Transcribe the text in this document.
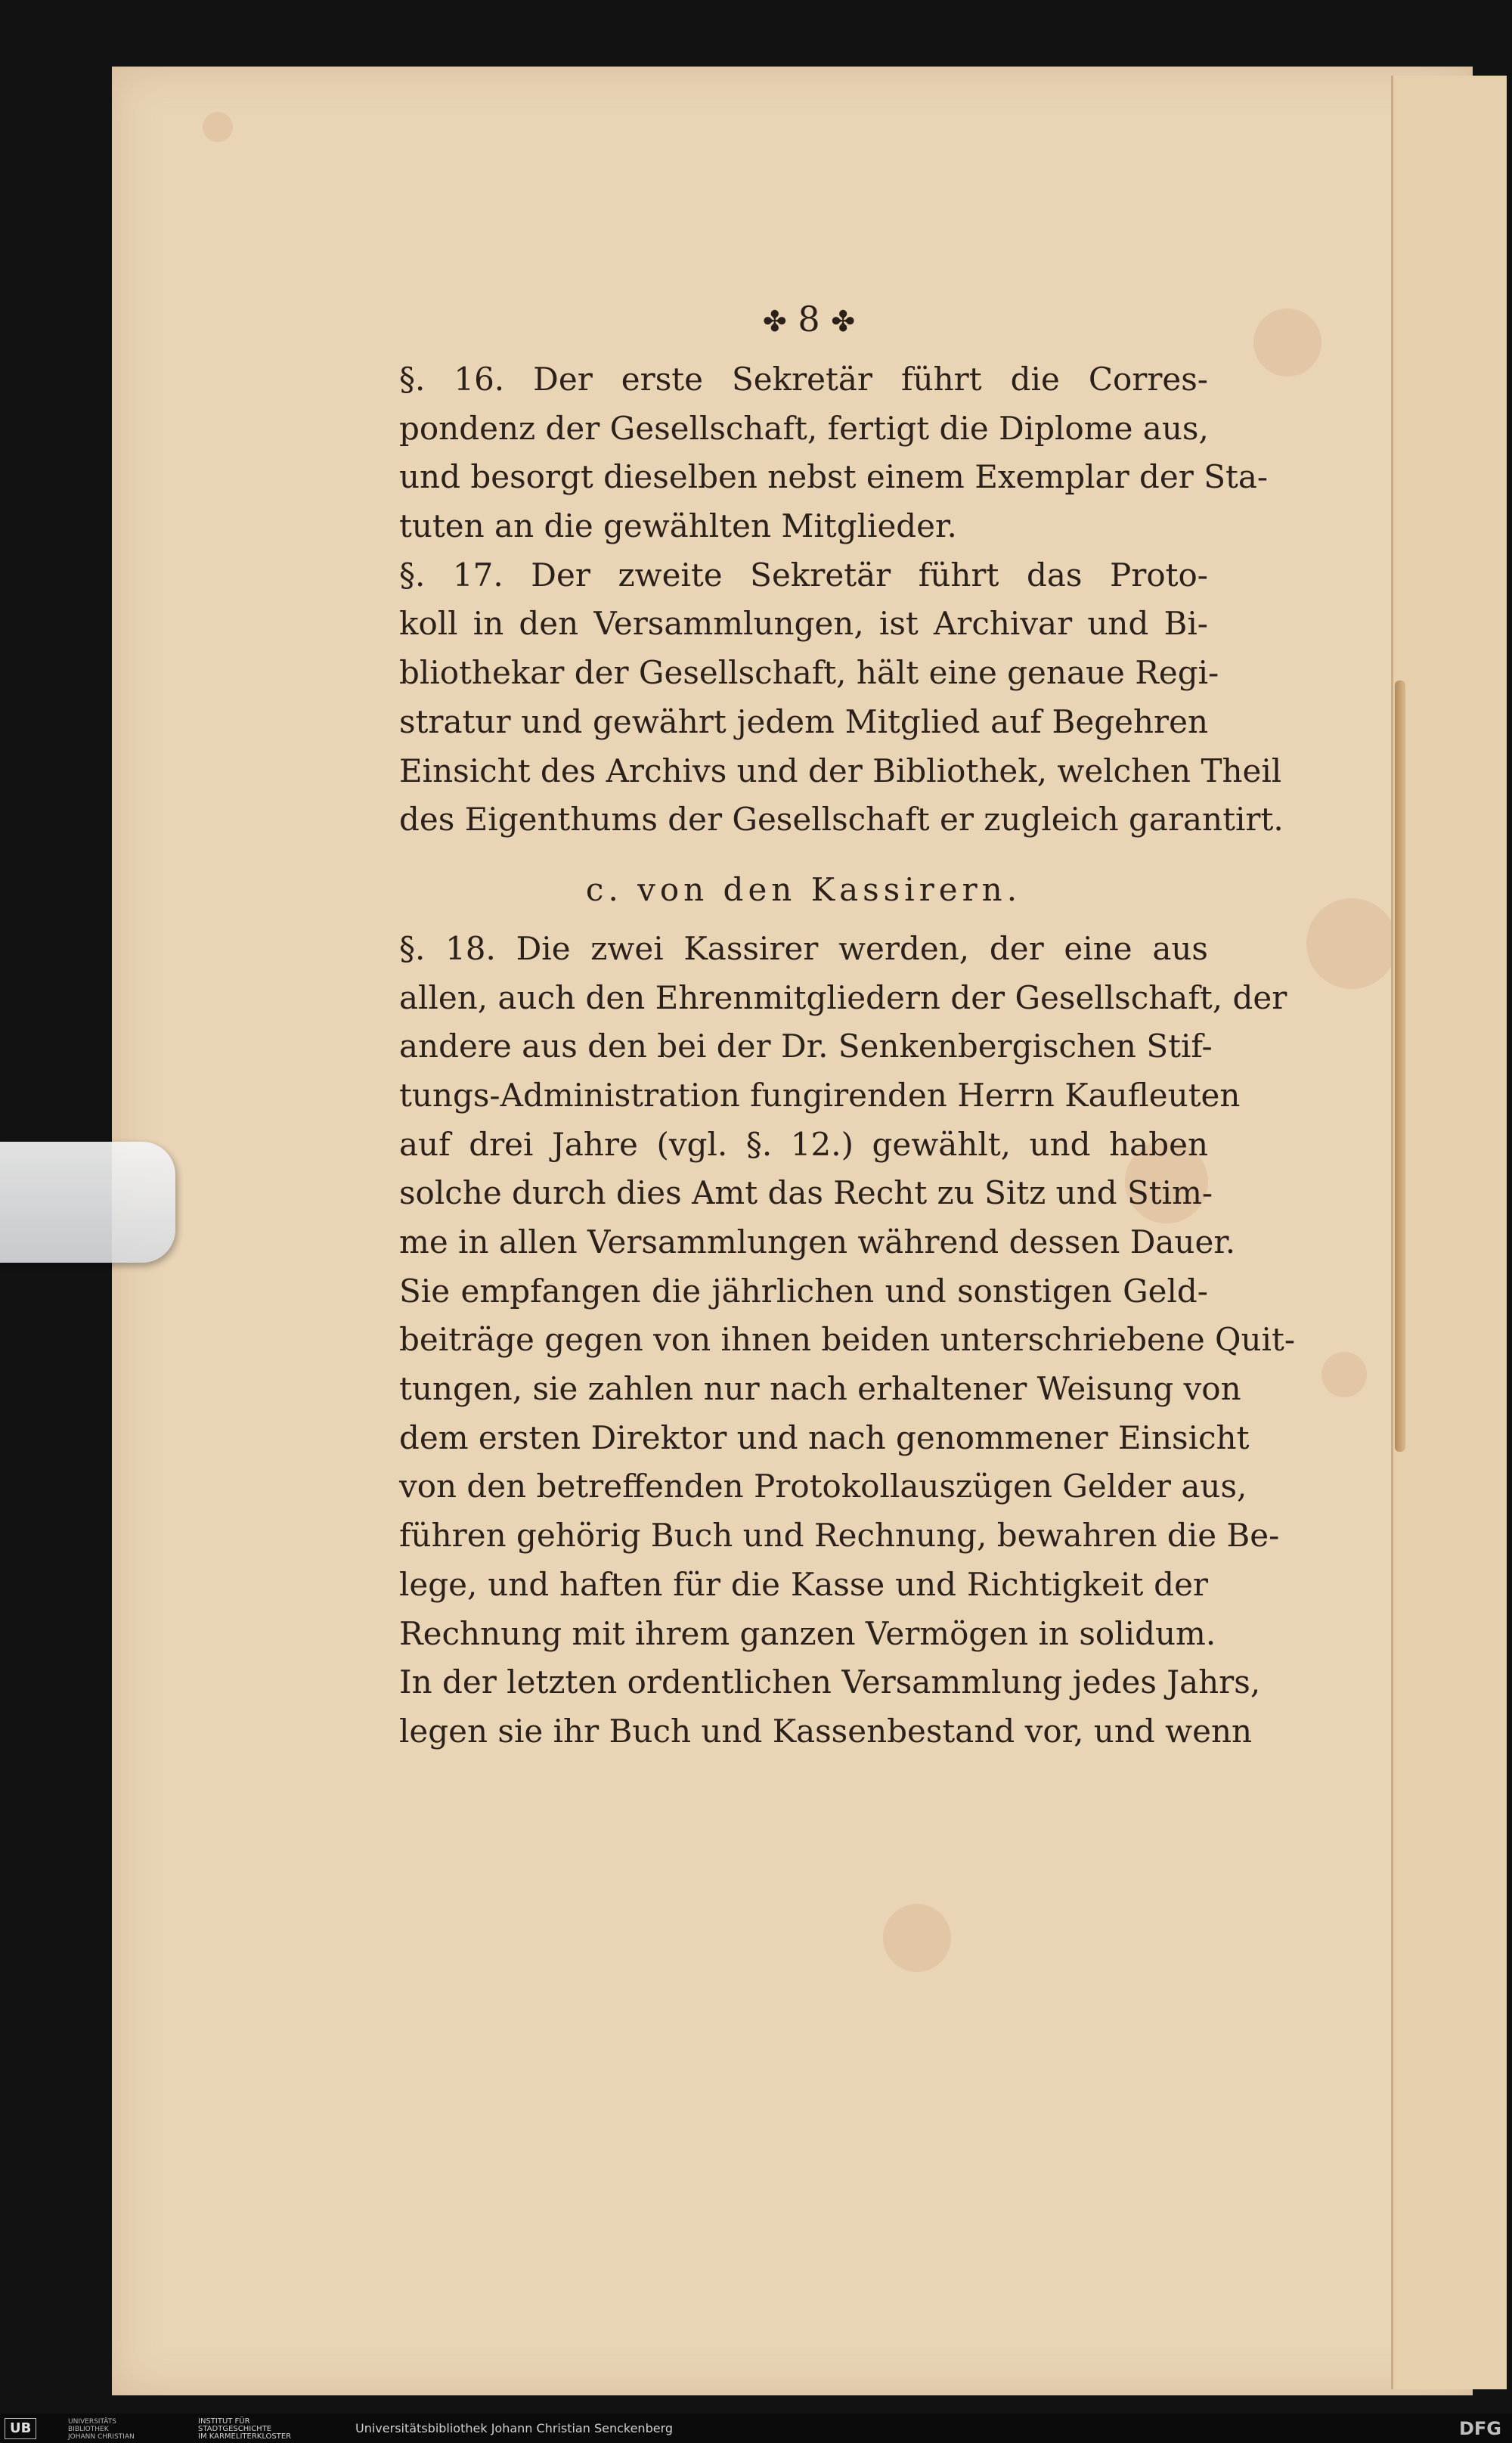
✤ 8 ✤
§. 16. Der erste Sekretär führt die Corres-
pondenz der Gesellschaft, fertigt die Diplome aus,
und besorgt dieselben nebst einem Exemplar der Sta-
tuten an die gewählten Mitglieder.
§. 17. Der zweite Sekretär führt das Proto-
koll in den Versammlungen, ist Archivar und Bi-
bliothekar der Gesellschaft, hält eine genaue Regi-
stratur und gewährt jedem Mitglied auf Begehren
Einsicht des Archivs und der Bibliothek, welchen Theil
des Eigenthums der Gesellschaft er zugleich garantirt.
c. von den Kassirern.
§. 18. Die zwei Kassirer werden, der eine aus
allen, auch den Ehrenmitgliedern der Gesellschaft, der
andere aus den bei der Dr. Senkenbergischen Stif-
tungs-Administration fungirenden Herrn Kaufleuten
auf drei Jahre (vgl. §. 12.) gewählt, und haben
solche durch dies Amt das Recht zu Sitz und Stim-
me in allen Versammlungen während dessen Dauer.
Sie empfangen die jährlichen und sonstigen Geld-
beiträge gegen von ihnen beiden unterschriebene Quit-
tungen, sie zahlen nur nach erhaltener Weisung von
dem ersten Direktor und nach genommener Einsicht
von den betreffenden Protokollauszügen Gelder aus,
führen gehörig Buch und Rechnung, bewahren die Be-
lege, und haften für die Kasse und Richtigkeit der
Rechnung mit ihrem ganzen Vermögen in solidum.
In der letzten ordentlichen Versammlung jedes Jahrs,
legen sie ihr Buch und Kassenbestand vor, und wenn
UB	UNIVERSITÄTS
BIBLIOTHEK
JOHANN CHRISTIAN
INSTITUT FÜR
STADTGESCHICHTE
IM KARMELITERKLOSTER
Universitätsbibliothek Johann Christian Senckenberg	DFG
